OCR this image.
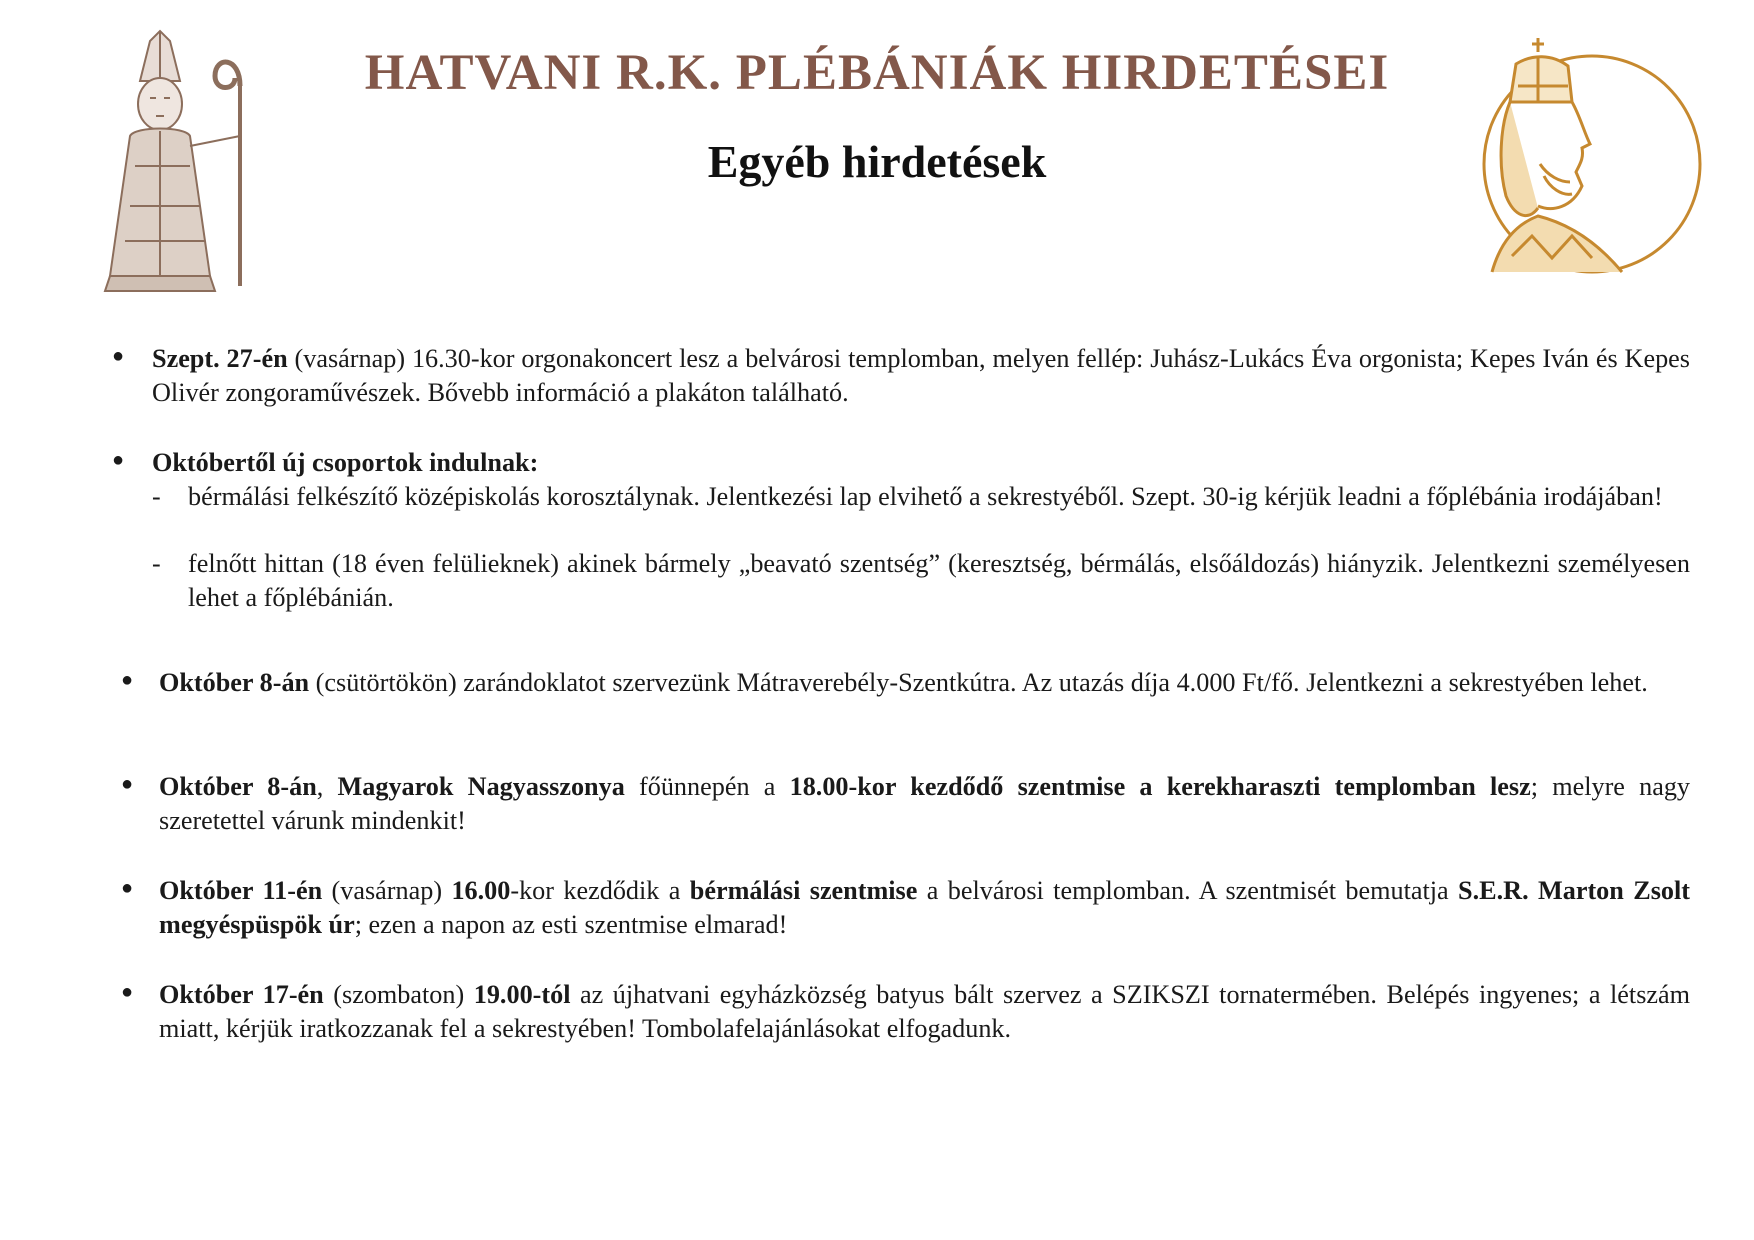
HATVANI R.K. PLÉBÁNIÁK HIRDETÉSEI
Egyéb hirdetések
● Szept. 27-én (vasárnap) 16.30-kor orgonakoncert lesz a belvárosi templomban, melyen fellép: Juhász-Lukács Éva orgonista; Kepes Iván és Kepes Olivér zongoraművészek. Bővebb információ a plakáton található.
● Októbertől új csoportok indulnak:
- bérmálási felkészítő középiskolás korosztálynak. Jelentkezési lap elvihető a sekrestyéből. Szept. 30-ig kérjük leadni a főplébánia irodájában!
- felnőtt hittan (18 éven felülieknek) akinek bármely „beavató szentség” (keresztség, bérmálás, elsőáldozás) hiányzik. Jelentkezni személyesen lehet a főplébánián.
● Október 8-án (csütörtökön) zarándoklatot szervezünk Mátraverebély-Szentkútra. Az utazás díja 4.000 Ft/fő. Jelentkezni a sekrestyében lehet.
● Október 8-án, Magyarok Nagyasszonya főünnepén a 18.00-kor kezdődő szentmise a kerekharaszti templomban lesz; melyre nagy szeretettel várunk mindenkit!
● Október 11-én (vasárnap) 16.00-kor kezdődik a bérmálási szentmise a belvárosi templomban. A szentmisét bemutatja S.E.R. Marton Zsolt megyéspüspök úr; ezen a napon az esti szentmise elmarad!
● Október 17-én (szombaton) 19.00-tól az újhatvani egyházközség batyus bált szervez a SZIKSZI tornatermében. Belépés ingyenes; a létszám miatt, kérjük iratkozzanak fel a sekrestyében! Tombolafelajánlásokat elfogadunk.
